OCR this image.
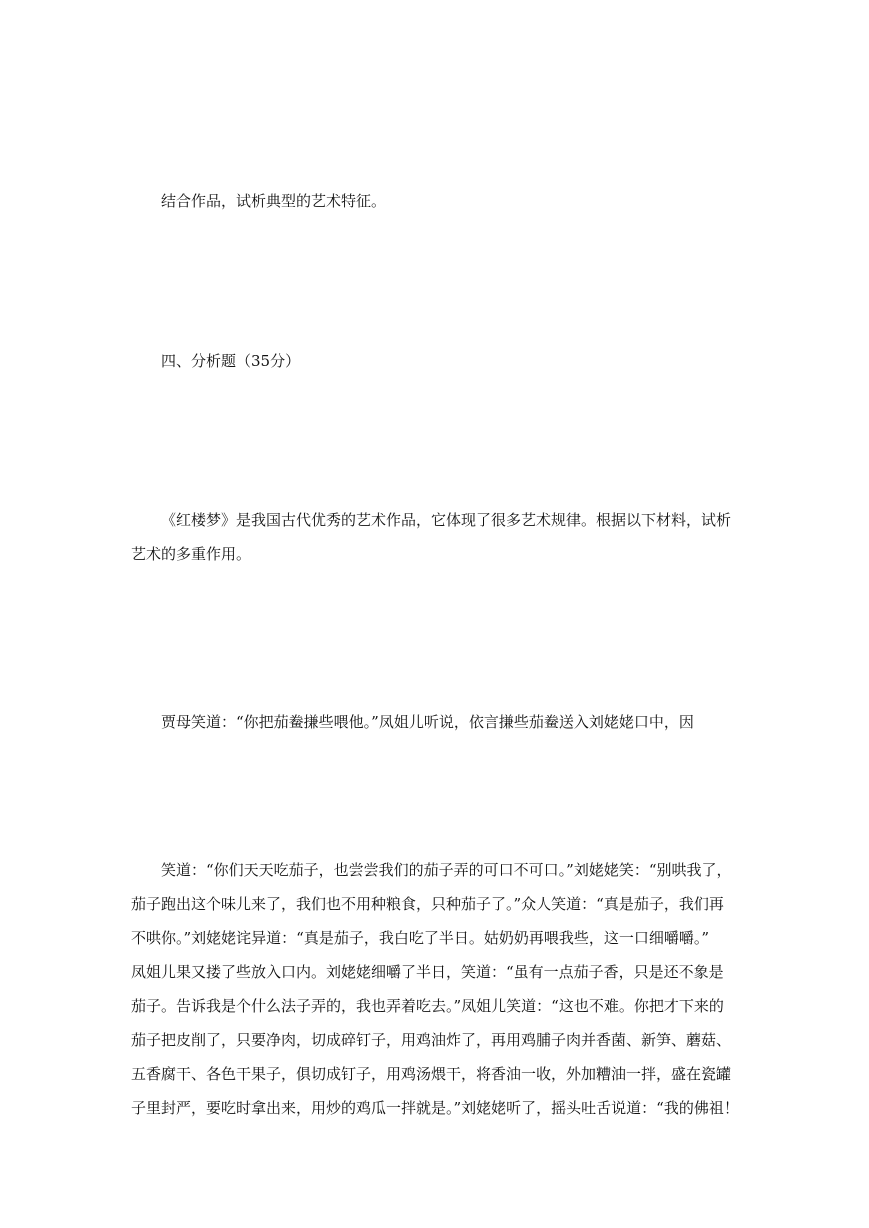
结合作品，试析典型的艺术特征。

四、分析题（35分）

《红楼梦》是我国古代优秀的艺术作品，它体现了很多艺术规律。根据以下材料，试析
艺术的多重作用。

贾母笑道：“你把茄鲞搛些喂他。”凤姐儿听说，依言搛些茄鲞送入刘姥姥口中，因

笑道：“你们天天吃茄子，也尝尝我们的茄子弄的可口不可口。”刘姥姥笑：“别哄我了，
茄子跑出这个味儿来了，我们也不用种粮食，只种茄子了。”众人笑道：“真是茄子，我们再
不哄你。”刘姥姥诧异道：“真是茄子，我白吃了半日。姑奶奶再喂我些，这一口细嚼嚼。”
凤姐儿果又搂了些放入口内。刘姥姥细嚼了半日，笑道：“虽有一点茄子香，只是还不象是
茄子。告诉我是个什么法子弄的，我也弄着吃去。”凤姐儿笑道：“这也不难。你把才下来的
茄子把皮削了，只要净肉，切成碎钉子，用鸡油炸了，再用鸡脯子肉并香菌、新笋、蘑菇、
五香腐干、各色干果子，俱切成钉子，用鸡汤煨干，将香油一收，外加糟油一拌，盛在瓷罐
子里封严，要吃时拿出来，用炒的鸡瓜一拌就是。”刘姥姥听了，摇头吐舌说道：“我的佛祖！
